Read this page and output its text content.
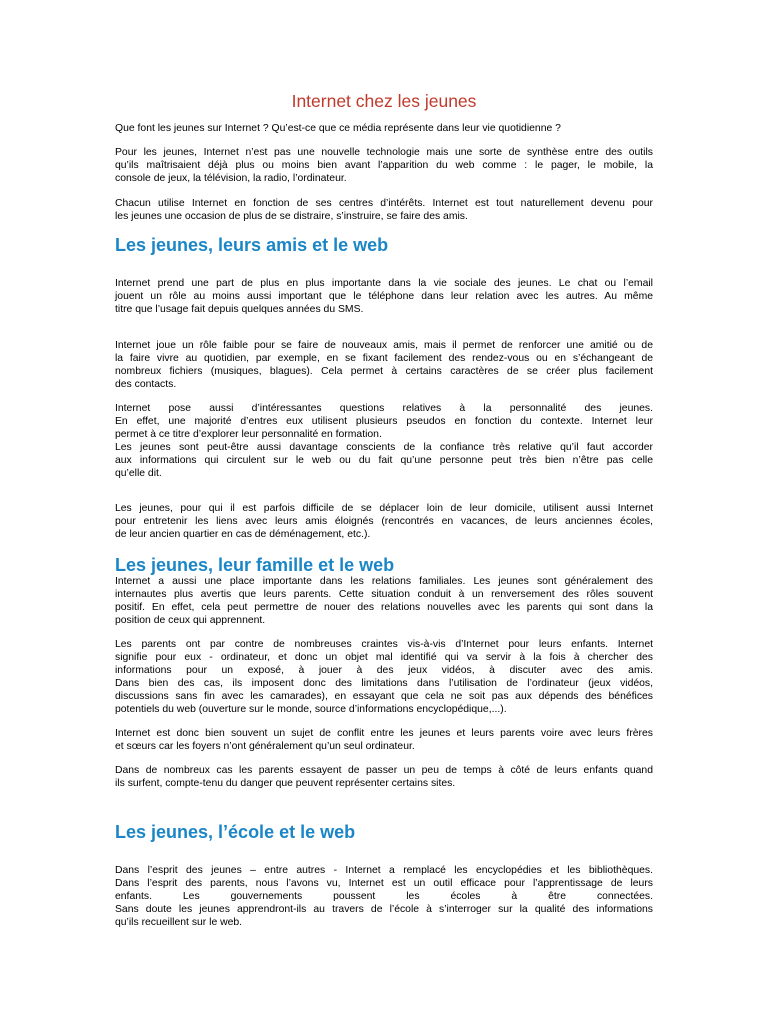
Internet chez les jeunes
Que font les jeunes sur Internet ? Qu’est-ce que ce média représente dans leur vie quotidienne ?
Pour les jeunes, Internet n’est pas une nouvelle technologie mais une sorte de synthèse entre des outils
qu’ils maîtrisaient déjà plus ou moins bien avant l’apparition du web comme : le pager, le mobile, la
console de jeux, la télévision, la radio, l’ordinateur.
Chacun utilise Internet en fonction de ses centres d’intérêts. Internet est tout naturellement devenu pour
les jeunes une occasion de plus de se distraire, s’instruire, se faire des amis.
Les jeunes, leurs amis et le web
Internet prend une part de plus en plus importante dans la vie sociale des jeunes. Le chat ou l’email
jouent un rôle au moins aussi important que le téléphone dans leur relation avec les autres. Au même
titre que l’usage fait depuis quelques années du SMS.
Internet joue un rôle faible pour se faire de nouveaux amis, mais il permet de renforcer une amitié ou de
la faire vivre au quotidien, par exemple, en se fixant facilement des rendez-vous ou en s’échangeant de
nombreux fichiers (musiques, blagues). Cela permet à certains caractères de se créer plus facilement
des contacts.
Internet pose aussi d’intéressantes questions relatives à la personnalité des jeunes.
En effet, une majorité d’entres eux utilisent plusieurs pseudos en fonction du contexte. Internet leur
permet à ce titre d’explorer leur personnalité en formation.
Les jeunes sont peut-être aussi davantage conscients de la confiance très relative qu’il faut accorder
aux informations qui circulent sur le web ou du fait qu’une personne peut très bien n’être pas celle
qu’elle dit.
Les jeunes, pour qui il est parfois difficile de se déplacer loin de leur domicile, utilisent aussi Internet
pour entretenir les liens avec leurs amis éloignés (rencontrés en vacances, de leurs anciennes écoles,
de leur ancien quartier en cas de déménagement, etc.).
Les jeunes, leur famille et le web
Internet a aussi une place importante dans les relations familiales. Les jeunes sont généralement des
internautes plus avertis que leurs parents. Cette situation conduit à un renversement des rôles souvent
positif. En effet, cela peut permettre de nouer des relations nouvelles avec les parents qui sont dans la
position de ceux qui apprennent.
Les parents ont par contre de nombreuses craintes vis-à-vis d’Internet pour leurs enfants. Internet
signifie pour eux - ordinateur, et donc un objet mal identifié qui va servir à la fois à chercher des
informations pour un exposé, à jouer à des jeux vidéos, à discuter avec des amis.
Dans bien des cas, ils imposent donc des limitations dans l’utilisation de l’ordinateur (jeux vidéos,
discussions sans fin avec les camarades), en essayant que cela ne soit pas aux dépends des bénéfices
potentiels du web (ouverture sur le monde, source d’informations encyclopédique,...).
Internet est donc bien souvent un sujet de conflit entre les jeunes et leurs parents voire avec leurs frères
et sœurs car les foyers n’ont généralement qu’un seul ordinateur.
Dans de nombreux cas les parents essayent de passer un peu de temps à côté de leurs enfants quand
ils surfent, compte-tenu du danger que peuvent représenter certains sites.
Les jeunes, l’école et le web
Dans l’esprit des jeunes – entre autres - Internet a remplacé les encyclopédies et les bibliothèques.
Dans l’esprit des parents, nous l’avons vu, Internet est un outil efficace pour l’apprentissage de leurs
enfants. Les gouvernements poussent les écoles à être connectées.
Sans doute les jeunes apprendront-ils au travers de l’école à s’interroger sur la qualité des informations
qu’ils recueillent sur le web.
